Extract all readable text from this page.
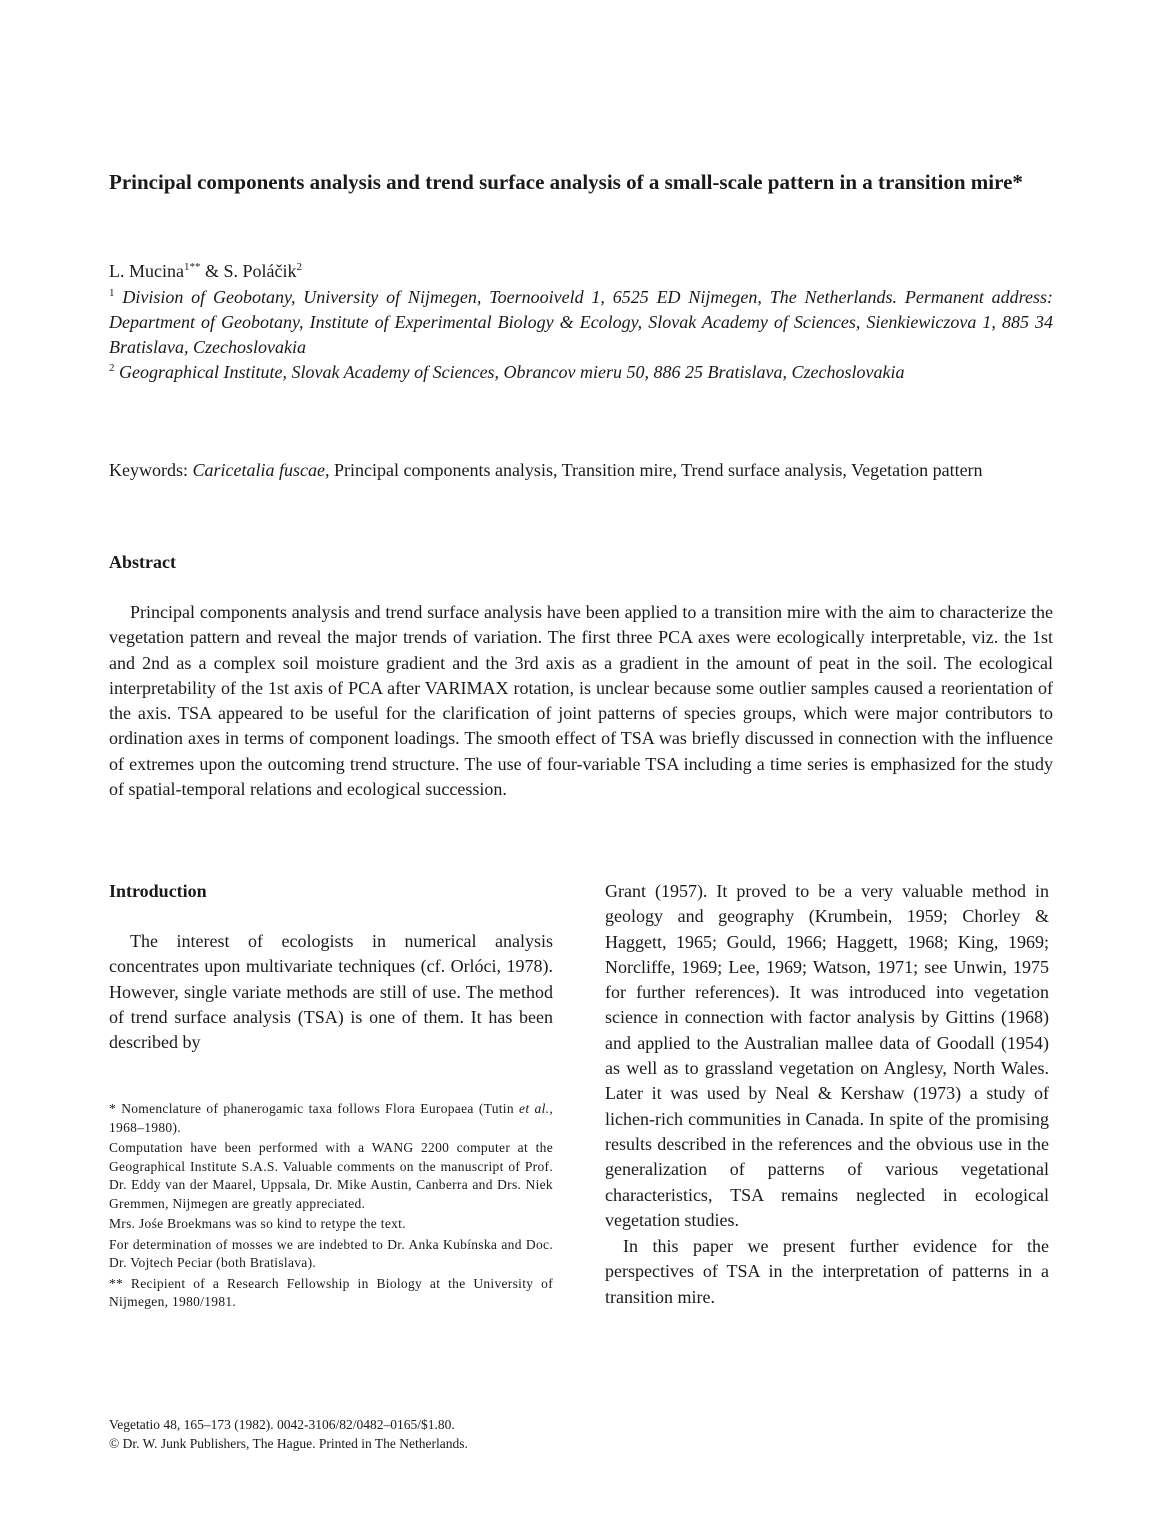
Principal components analysis and trend surface analysis of a small-scale pattern in a transition mire*
L. Mucina$^{1**}$ & S. Poláčik$^2$
$^1$ Division of Geobotany, University of Nijmegen, Toernooiveld 1, 6525 ED Nijmegen, The Netherlands. Permanent address: Department of Geobotany, Institute of Experimental Biology & Ecology, Slovak Academy of Sciences, Sienkiewiczova 1, 885 34 Bratislava, Czechoslovakia
$^2$ Geographical Institute, Slovak Academy of Sciences, Obrancov mieru 50, 886 25 Bratislava, Czechoslovakia
Keywords: Caricetalia fuscae, Principal components analysis, Transition mire, Trend surface analysis, Vegetation pattern
Abstract

Principal components analysis and trend surface analysis have been applied to a transition mire with the aim to characterize the vegetation pattern and reveal the major trends of variation. The first three PCA axes were ecologically interpretable, viz. the 1st and 2nd as a complex soil moisture gradient and the 3rd axis as a gradient in the amount of peat in the soil. The ecological interpretability of the 1st axis of PCA after VARIMAX rotation, is unclear because some outlier samples caused a reorientation of the axis. TSA appeared to be useful for the clarification of joint patterns of species groups, which were major contributors to ordination axes in terms of component loadings. The smooth effect of TSA was briefly discussed in connection with the influence of extremes upon the outcoming trend structure. The use of four-variable TSA including a time series is emphasized for the study of spatial-temporal relations and ecological succession.

Introduction

The interest of ecologists in numerical analysis concentrates upon multivariate techniques (cf. Orlóci, 1978). However, single variate methods are still of use. The method of trend surface analysis (TSA) is one of them. It has been described by

* Nomenclature of phanerogamic taxa follows Flora Europaea (Tutin et al., 1968–1980).

Computation have been performed with a WANG 2200 computer at the Geographical Institute S.A.S. Valuable comments on the manuscript of Prof. Dr. Eddy van der Maarel, Uppsala, Dr. Mike Austin, Canberra and Drs. Niek Gremmen, Nijmegen are greatly appreciated.

Mrs. Jośe Broekmans was so kind to retype the text.

For determination of mosses we are indebted to Dr. Anka Kubínska and Doc. Dr. Vojtech Peciar (both Bratislava).

** Recipient of a Research Fellowship in Biology at the University of Nijmegen, 1980/1981.

Vegetatio 48, 165–173 (1982). 0042-3106/82/0482–0165/$1.80.
© Dr. W. Junk Publishers, The Hague. Printed in The Netherlands.

Grant (1957). It proved to be a very valuable method in geology and geography (Krumbein, 1959; Chorley & Haggett, 1965; Gould, 1966; Haggett, 1968; King, 1969; Norcliffe, 1969; Lee, 1969; Watson, 1971; see Unwin, 1975 for further references). It was introduced into vegetation science in connection with factor analysis by Gittins (1968) and applied to the Australian mallee data of Goodall (1954) as well as to grassland vegetation on Anglesy, North Wales. Later it was used by Neal & Kershaw (1973) a study of lichen-rich communities in Canada. In spite of the promising results described in the references and the obvious use in the generalization of patterns of various vegetational characteristics, TSA remains neglected in ecological vegetation studies.

In this paper we present further evidence for the perspectives of TSA in the interpretation of patterns in a transition mire.
